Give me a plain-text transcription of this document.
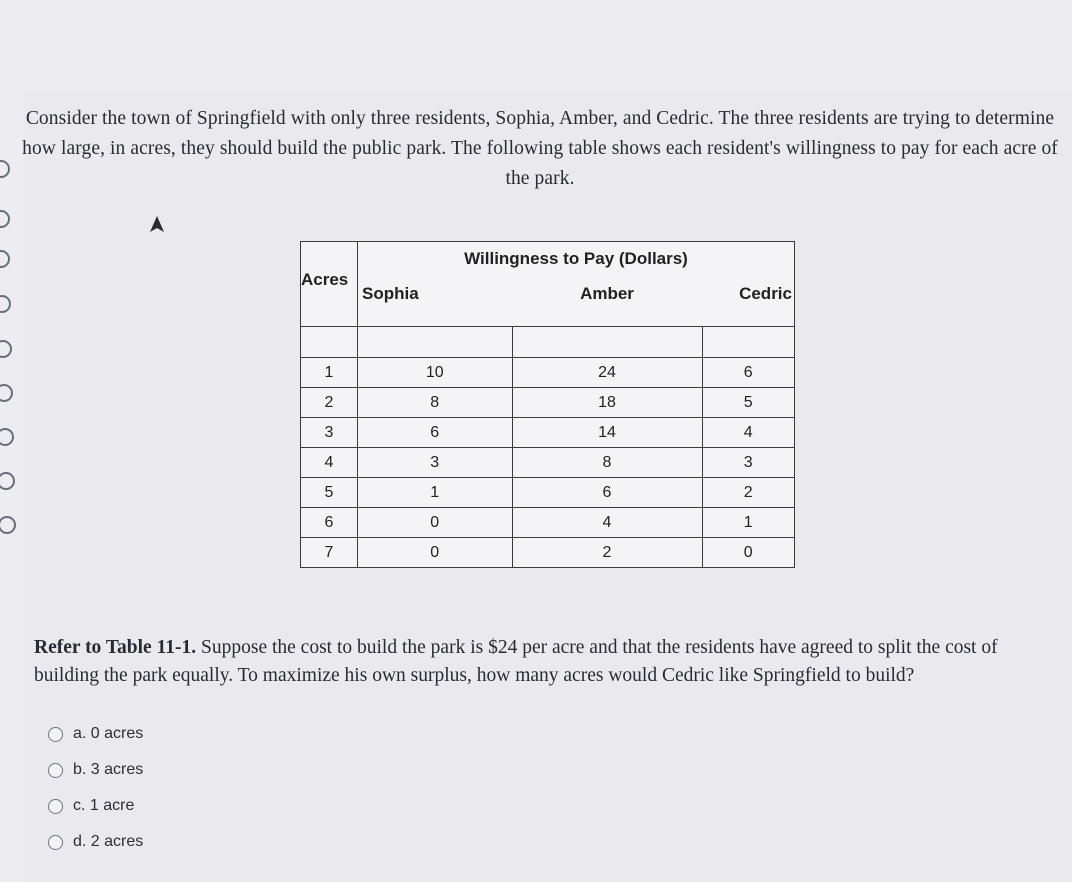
Consider the town of Springfield with only three residents, Sophia, Amber, and Cedric. The three residents are trying to determine how large, in acres, they should build the public park. The following table shows each resident's willingness to pay for each acre of the park.

Acres	Willingness to Pay (Dollars)		
	Sophia	Amber	Cedric

1	10	24	6
2	8	18	5
3	6	14	4
4	3	8	3
5	1	6	2
6	0	4	1
7	0	2	0

Refer to Table 11-1. Suppose the cost to build the park is $24 per acre and that the residents have agreed to split the cost of building the park equally. To maximize his own surplus, how many acres would Cedric like Springfield to build?

a. 0 acres
b. 3 acres
c. 1 acre
d. 2 acres
